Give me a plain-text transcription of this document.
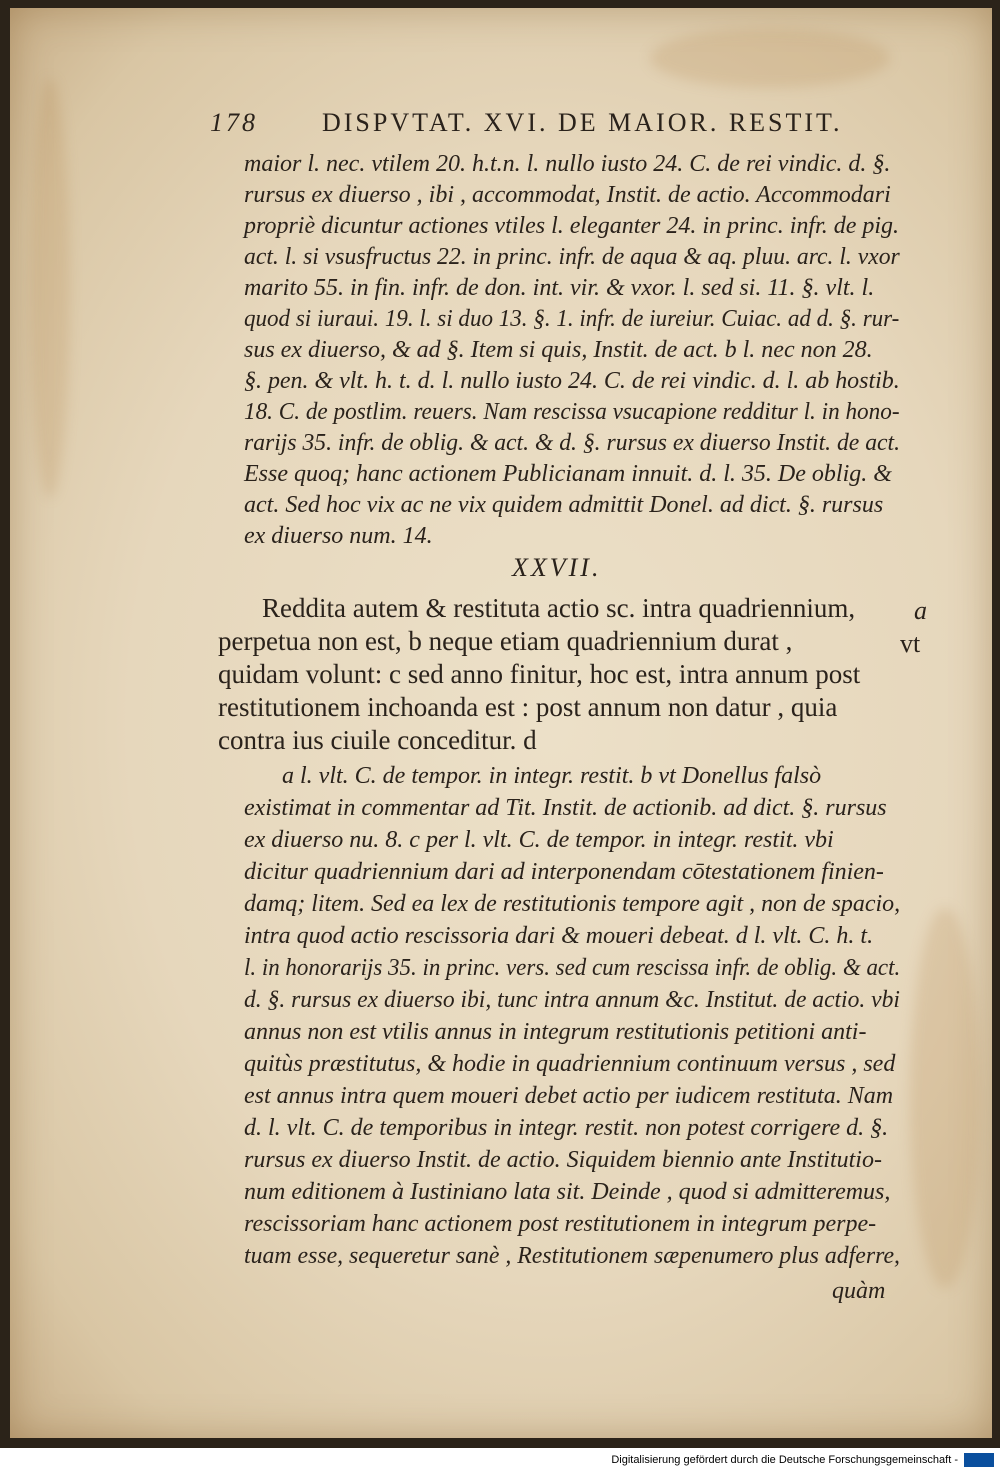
178 DISPVTAT. XVI. DE MAIOR. RESTIT.
maior l. nec. vtilem 20. h.t.n. l. nullo iusto 24. C. de rei vindic. d. §.
rursus ex diuerso , ibi , accommodat, Instit. de actio. Accommodari
propriè dicuntur actiones vtiles l. eleganter 24. in princ. infr. de pig.
act. l. si vsusfructus 22. in princ. infr. de aqua & aq. pluu. arc. l. vxor
marito 55. in fin. infr. de don. int. vir. & vxor. l. sed si. 11. §. vlt. l.
quod si iuraui. 19. l. si duo 13. §. 1. infr. de iureiur. Cuiac. ad d. §. rur-
sus ex diuerso, & ad §. Item si quis, Instit. de act. b l. nec non 28.
§. pen. & vlt. h. t. d. l. nullo iusto 24. C. de rei vindic. d. l. ab hostib.
18. C. de postlim. reuers. Nam rescissa vsucapione redditur l. in hono-
rarijs 35. infr. de oblig. & act. & d. §. rursus ex diuerso Instit. de act.
Esse quoq; hanc actionem Publicianam innuit. d. l. 35. De oblig. &
act. Sed hoc vix ac ne vix quidem admittit Donel. ad dict. §. rursus
ex diuerso num. 14.
XXVII.
Reddita autem & restituta actio sc. intra quadriennium,
perpetua non est, b neque etiam quadriennium durat ,
quidam volunt: c sed anno finitur, hoc est, intra annum post
restitutionem inchoanda est : post annum non datur , quia
contra ius ciuile conceditur. d
a
vt
a l. vlt. C. de tempor. in integr. restit. b vt Donellus falsò
existimat in commentar ad Tit. Instit. de actionib. ad dict. §. rursus
ex diuerso nu. 8. c per l. vlt. C. de tempor. in integr. restit. vbi
dicitur quadriennium dari ad interponendam cōtestationem finien-
damq; litem. Sed ea lex de restitutionis tempore agit , non de spacio,
intra quod actio rescissoria dari & moueri debeat. d l. vlt. C. h. t.
l. in honorarijs 35. in princ. vers. sed cum rescissa infr. de oblig. & act.
d. §. rursus ex diuerso ibi, tunc intra annum &c. Institut. de actio. vbi
annus non est vtilis annus in integrum restitutionis petitioni anti-
quitùs præstitutus, & hodie in quadriennium continuum versus , sed
est annus intra quem moueri debet actio per iudicem restituta. Nam
d. l. vlt. C. de temporibus in integr. restit. non potest corrigere d. §.
rursus ex diuerso Instit. de actio. Siquidem biennio ante Institutio-
num editionem à Iustiniano lata sit. Deinde , quod si admitteremus,
rescissoriam hanc actionem post restitutionem in integrum perpe-
tuam esse, sequeretur sanè , Restitutionem sæpenumero plus adferre,
quàm
Digitalisierung gefördert durch die Deutsche Forschungsgemeinschaft -
